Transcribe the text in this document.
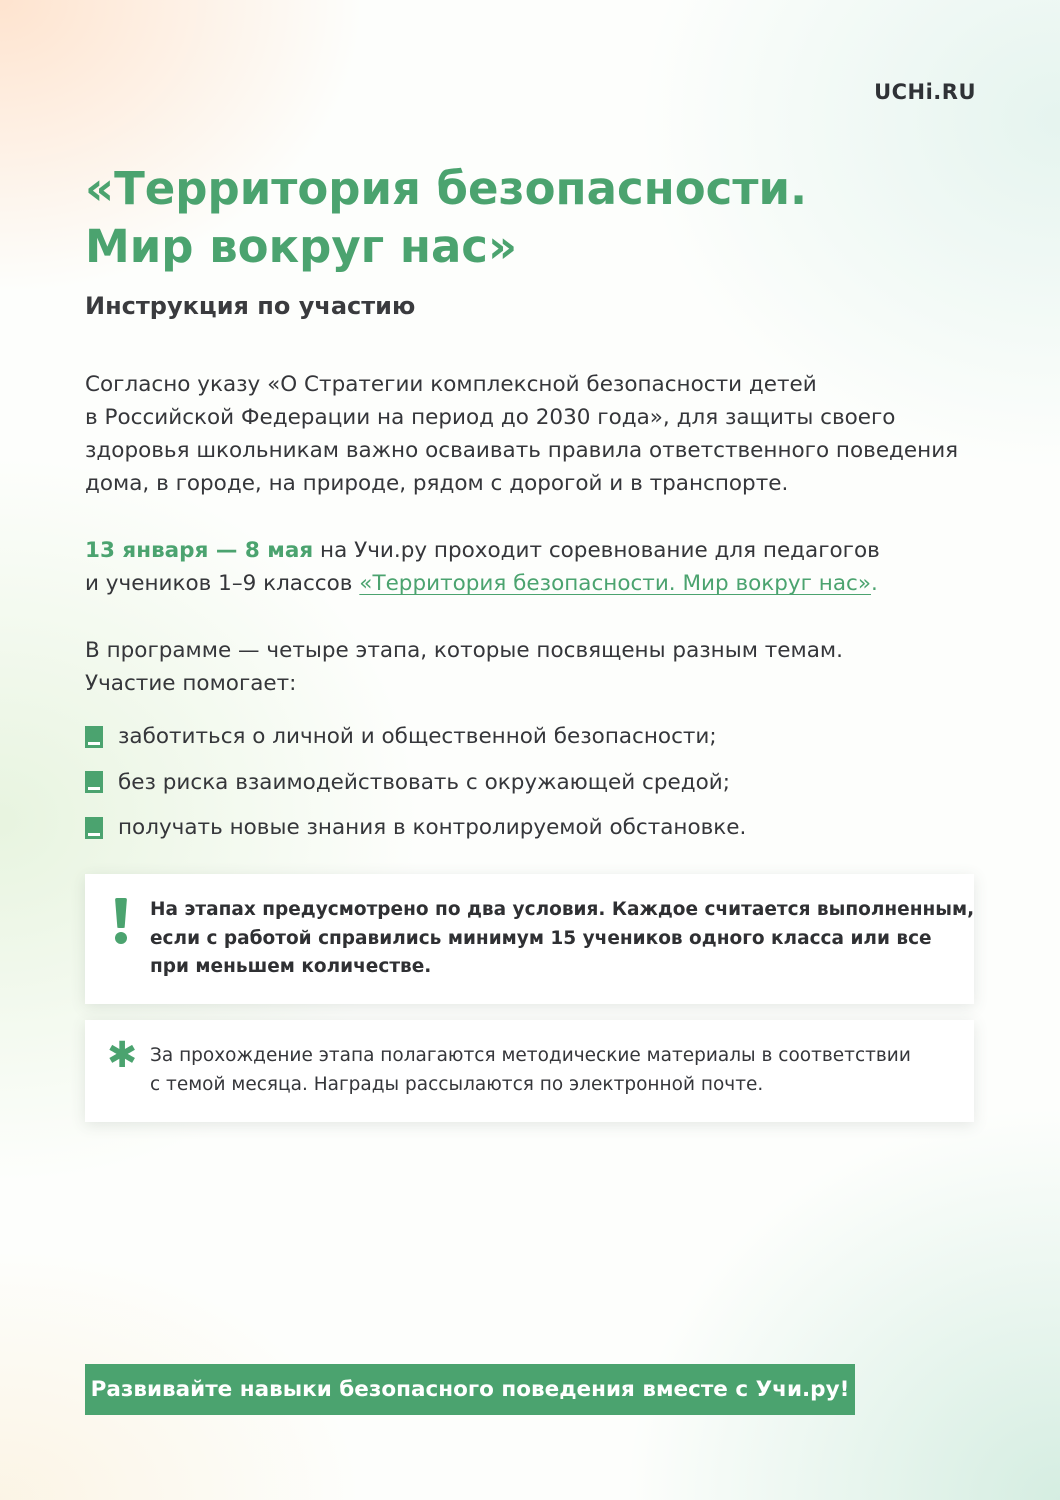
UCHi.RU
«Территория безопасности.
Мир вокруг нас»
Инструкция по участию

Согласно указу «О Стратегии комплексной безопасности детей
в Российской Федерации на период до 2030 года», для защиты своего
здоровья школьникам важно осваивать правила ответственного поведения
дома, в городе, на природе, рядом с дорогой и в транспорте.

13 января — 8 мая на Учи.ру проходит соревнование для педагогов
и учеников 1–9 классов «Территория безопасности. Мир вокруг нас».

В программе — четыре этапа, которые посвящены разным темам.
Участие помогает:

заботиться о личной и общественной безопасности;
без риска взаимодействовать с окружающей средой;
получать новые знания в контролируемой обстановке.

На этапах предусмотрено по два условия. Каждое считается выполненным,
если с работой справились минимум 15 учеников одного класса или все
при меньшем количестве.

✱ За прохождение этапа полагаются методические материалы в соответствии
с темой месяца. Награды рассылаются по электронной почте.

Развивайте навыки безопасного поведения вместе с Учи.ру!
